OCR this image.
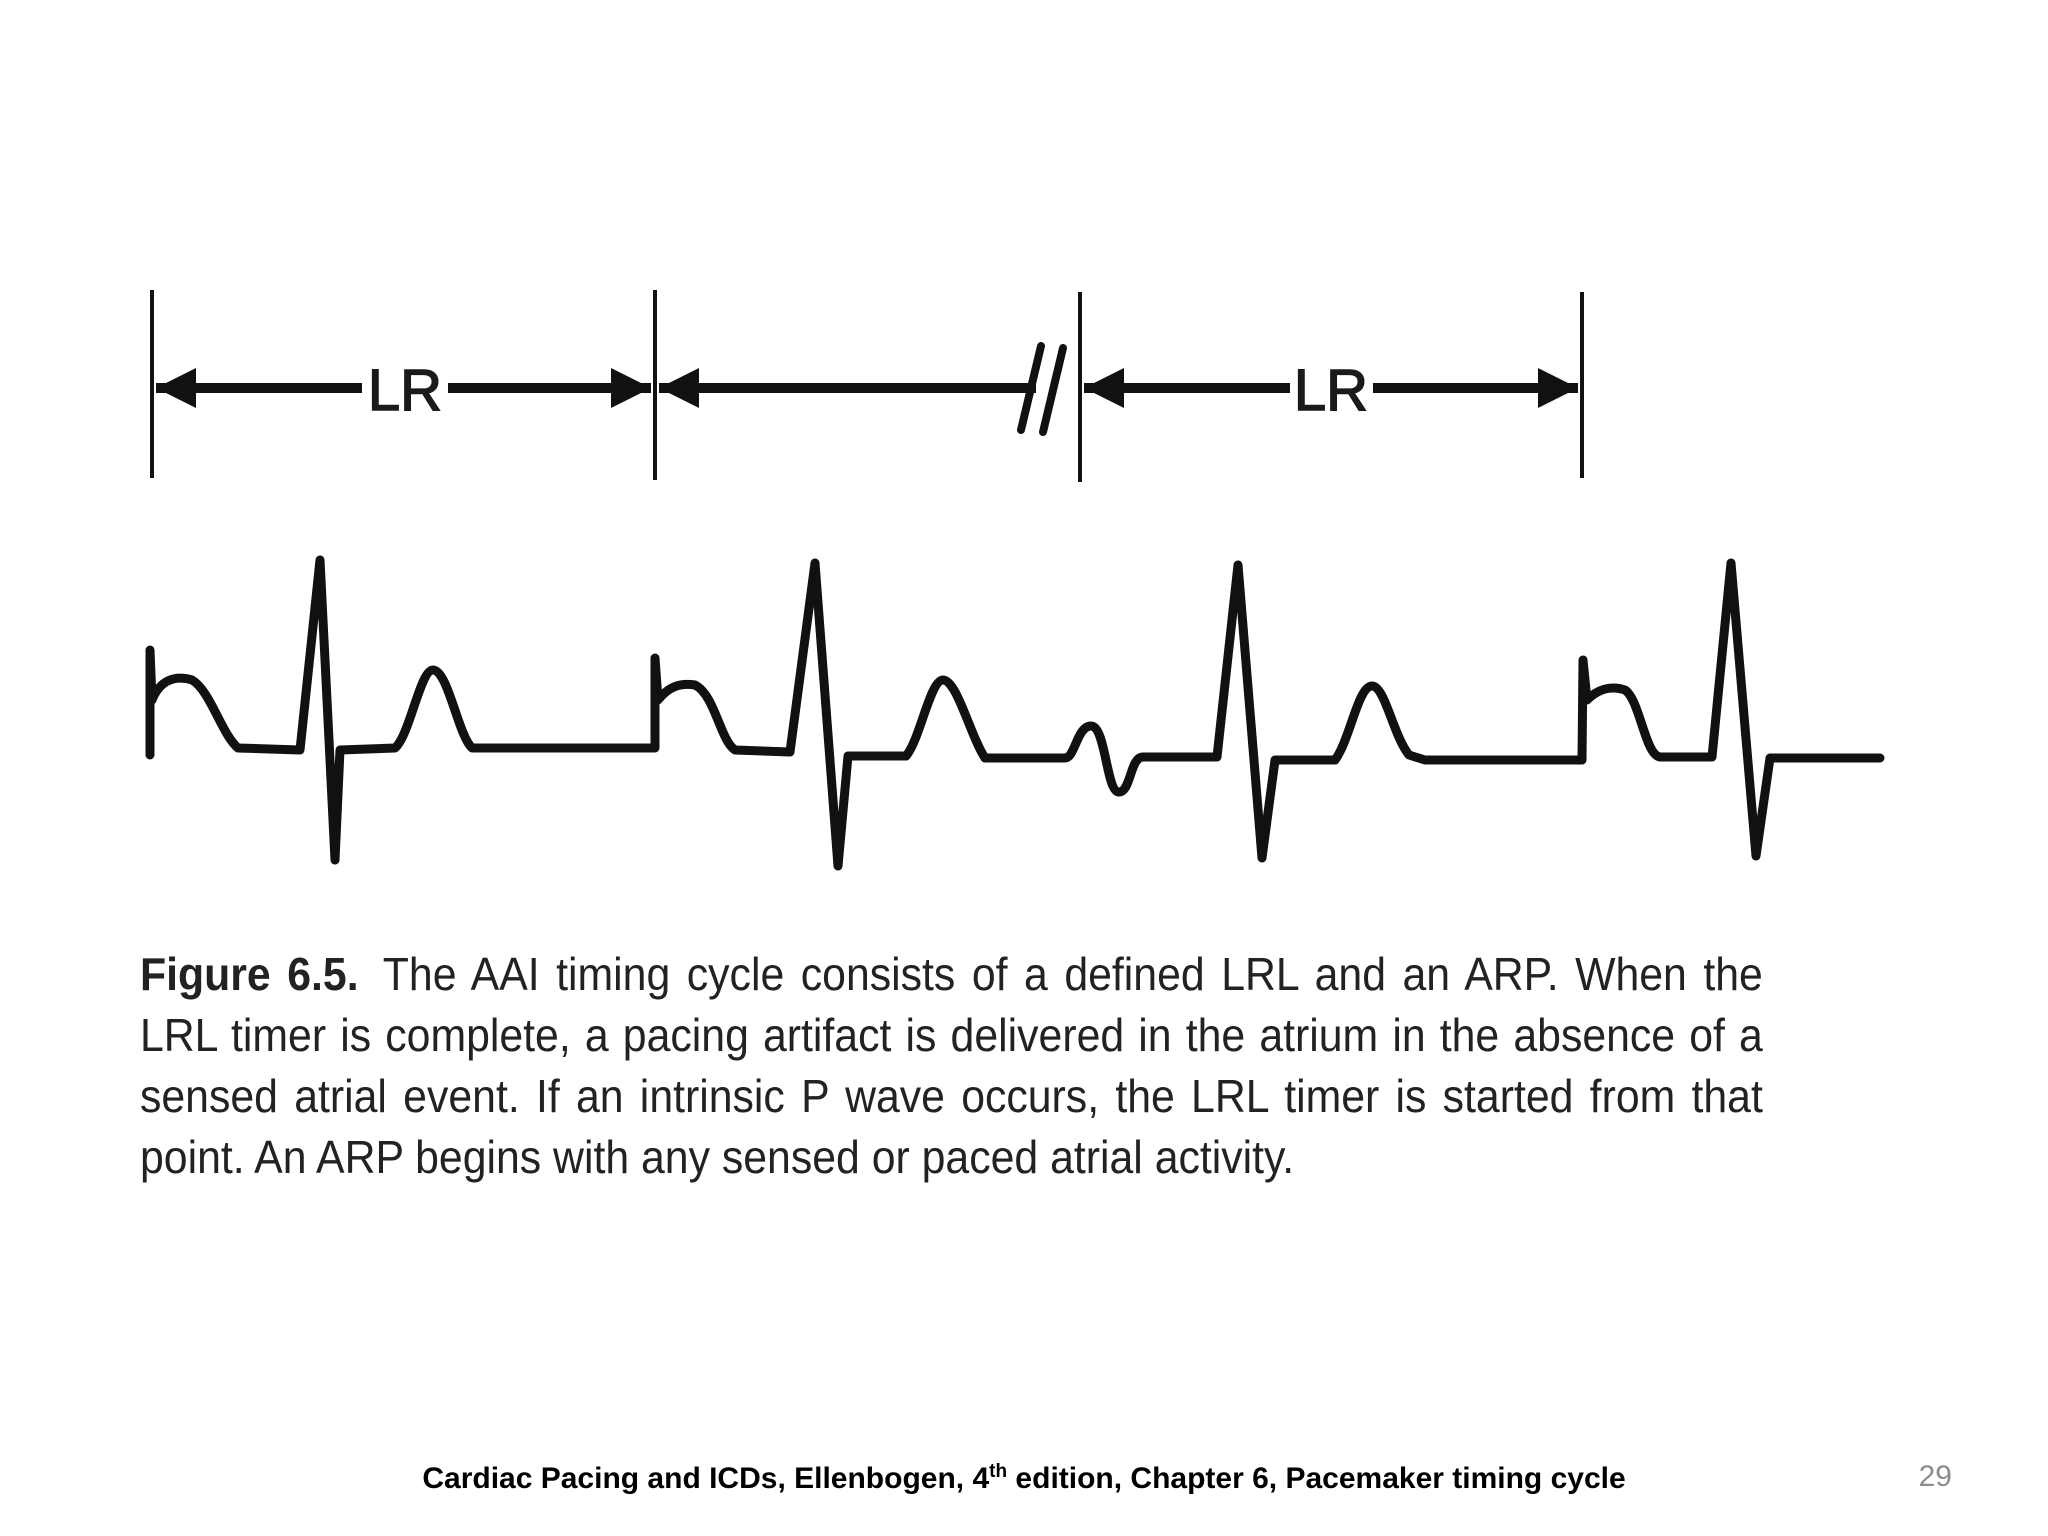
LR	LR
Figure 6.5. The AAI timing cycle consists of a defined LRL and an ARP. When the LRL timer is complete, a pacing artifact is delivered in the atrium in the absence of a sensed atrial event. If an intrinsic P wave occurs, the LRL timer is started from that point. An ARP begins with any sensed or paced atrial activity.
Cardiac Pacing and ICDs, Ellenbogen, 4th edition, Chapter 6, Pacemaker timing cycle	29
